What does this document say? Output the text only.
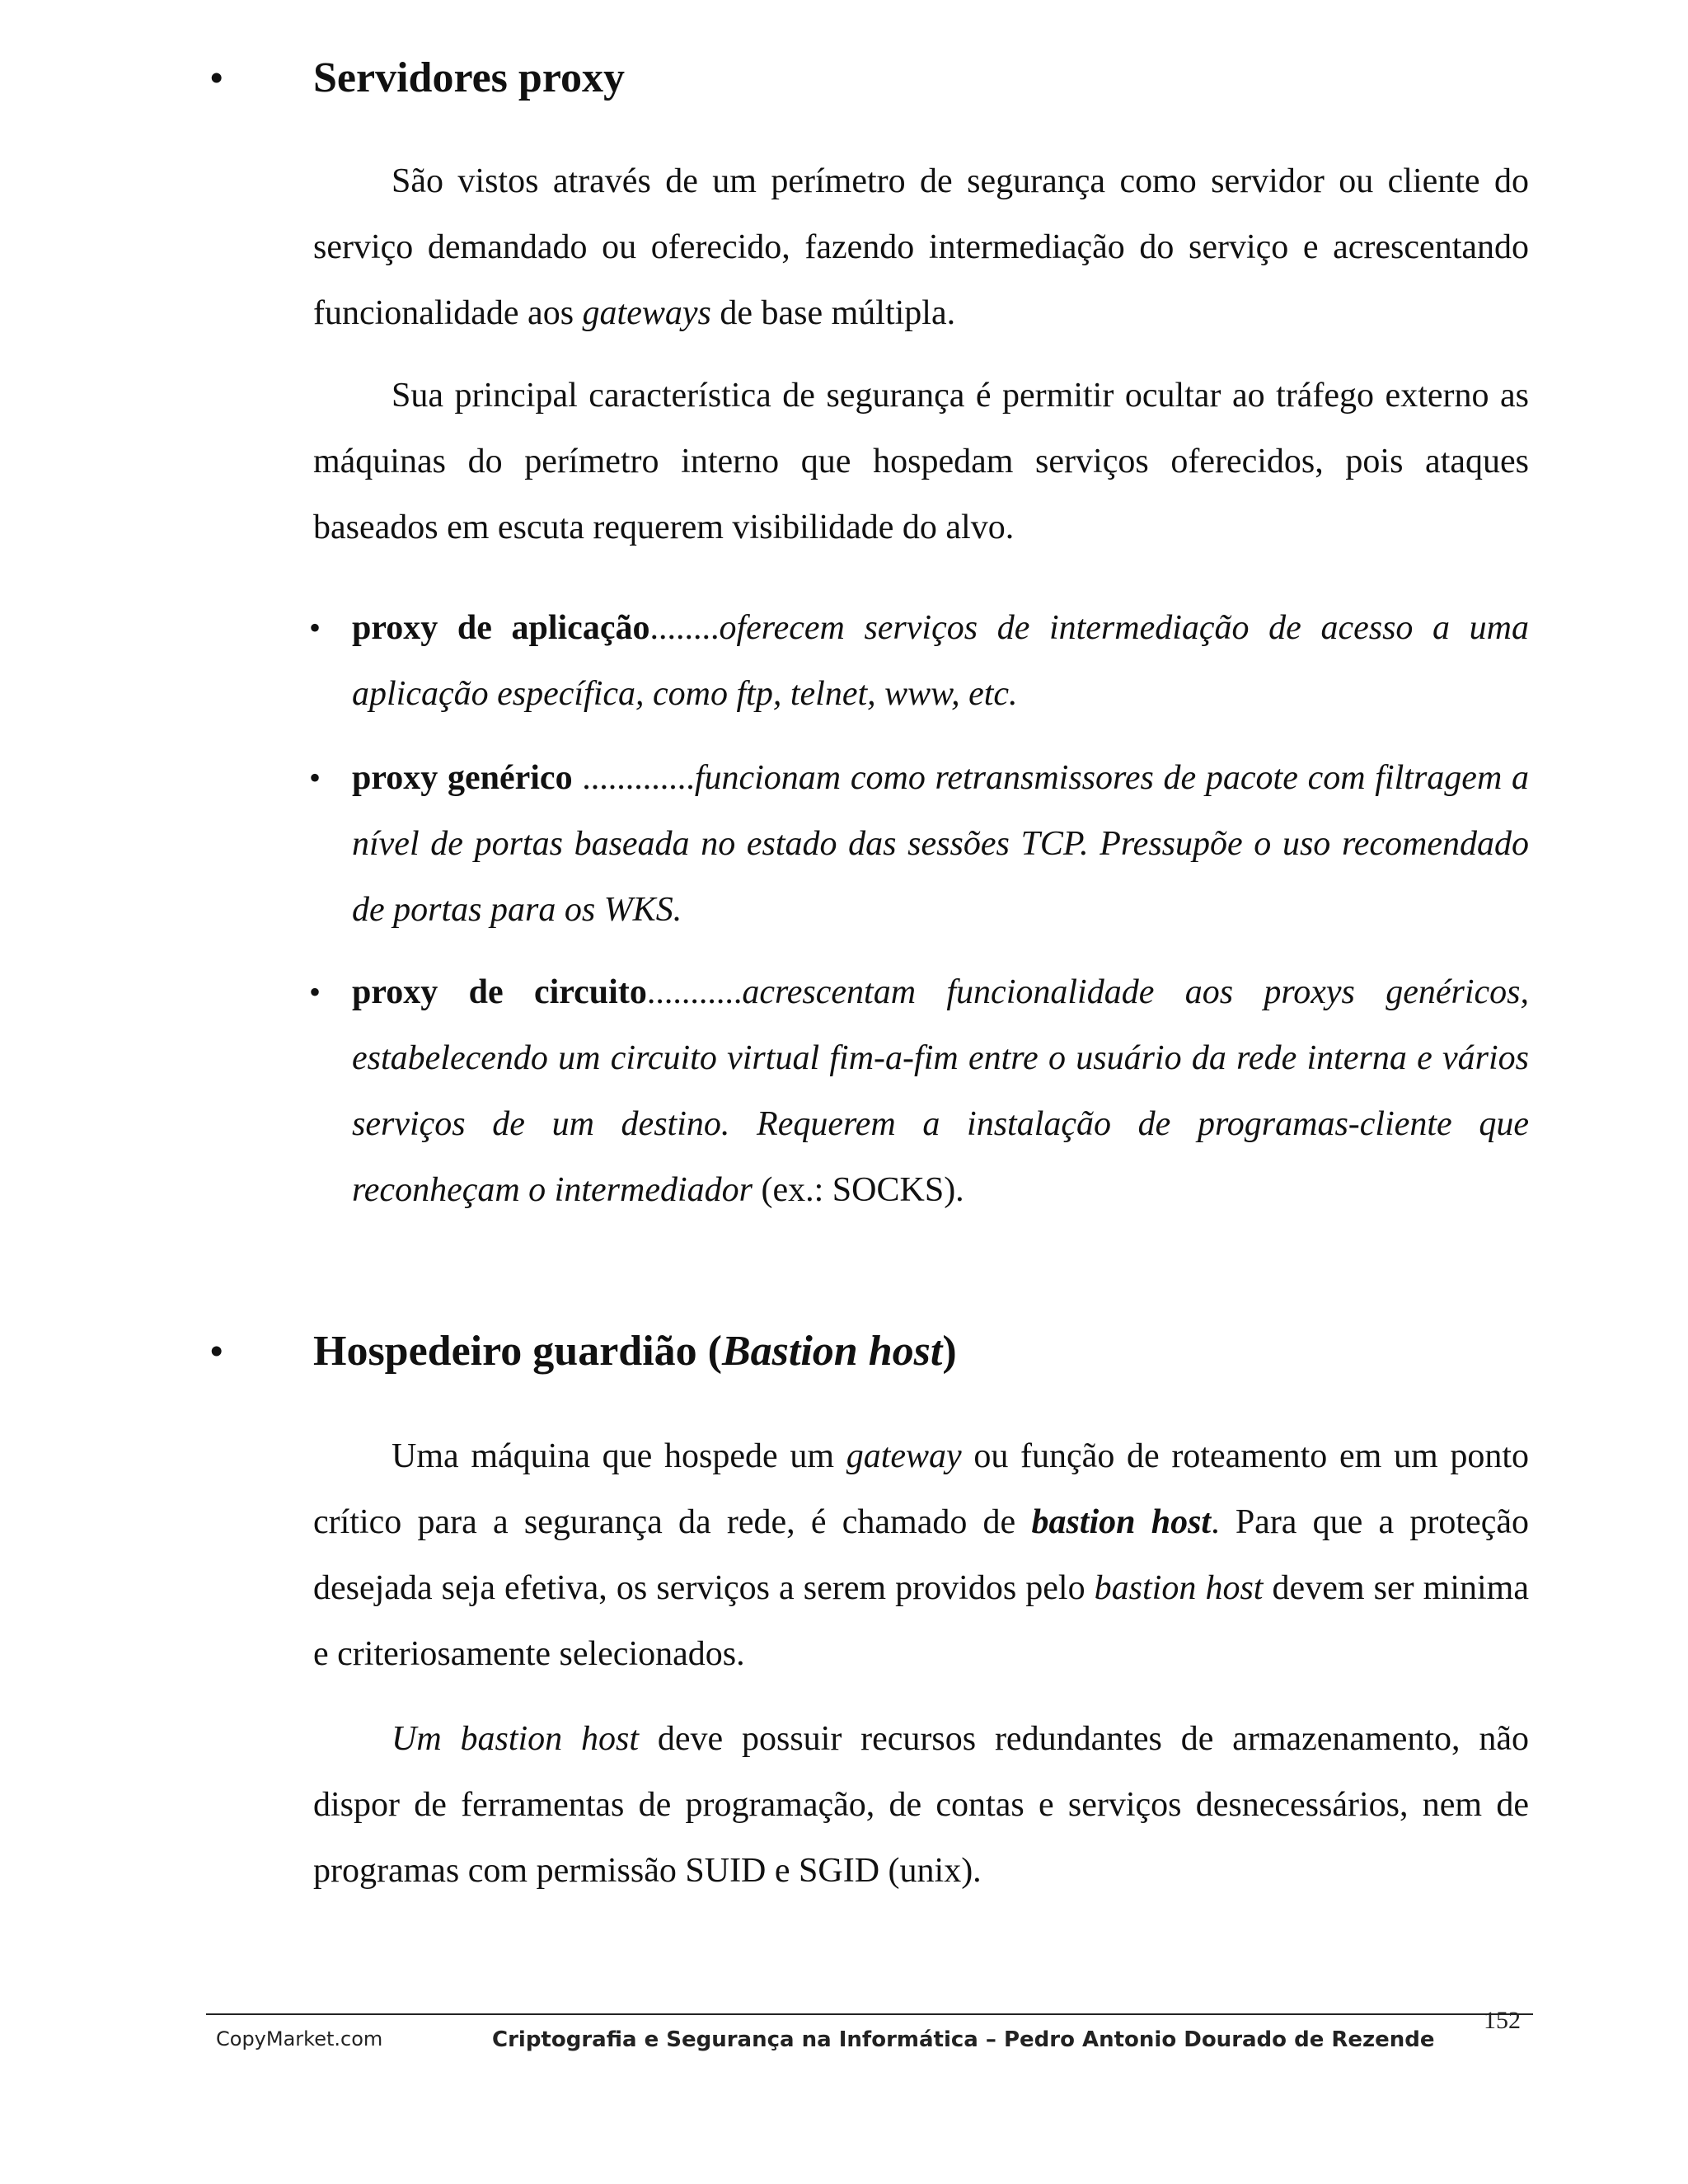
•	Servidores proxy

São vistos através de um perímetro de segurança como servidor ou cliente do serviço demandado ou oferecido, fazendo intermediação do serviço e acrescentando funcionalidade aos gateways de base múltipla.

Sua principal característica de segurança é permitir ocultar ao tráfego externo as máquinas do perímetro interno que hospedam serviços oferecidos, pois ataques baseados em escuta requerem visibilidade do alvo.

• proxy de aplicação........oferecem serviços de intermediação de acesso a uma aplicação específica, como ftp, telnet, www, etc.

• proxy genérico .............funcionam como retransmissores de pacote com filtragem a nível de portas baseada no estado das sessões TCP. Pressupõe o uso recomendado de portas para os WKS.

• proxy de circuito...........acrescentam funcionalidade aos proxys genéricos, estabelecendo um circuito virtual fim-a-fim entre o usuário da rede interna e vários serviços de um destino. Requerem a instalação de programas-cliente que reconheçam o intermediador (ex.: SOCKS).

•	Hospedeiro guardião (Bastion host)

Uma máquina que hospede um gateway ou função de roteamento em um ponto crítico para a segurança da rede, é chamado de bastion host. Para que a proteção desejada seja efetiva, os serviços a serem providos pelo bastion host devem ser minima e criteriosamente selecionados.

Um bastion host deve possuir recursos redundantes de armazenamento, não dispor de ferramentas de programação, de contas e serviços desnecessários, nem de programas com permissão SUID e SGID (unix).

CopyMarket.com	Criptografia e Segurança na Informática – Pedro Antonio Dourado de Rezende
152
